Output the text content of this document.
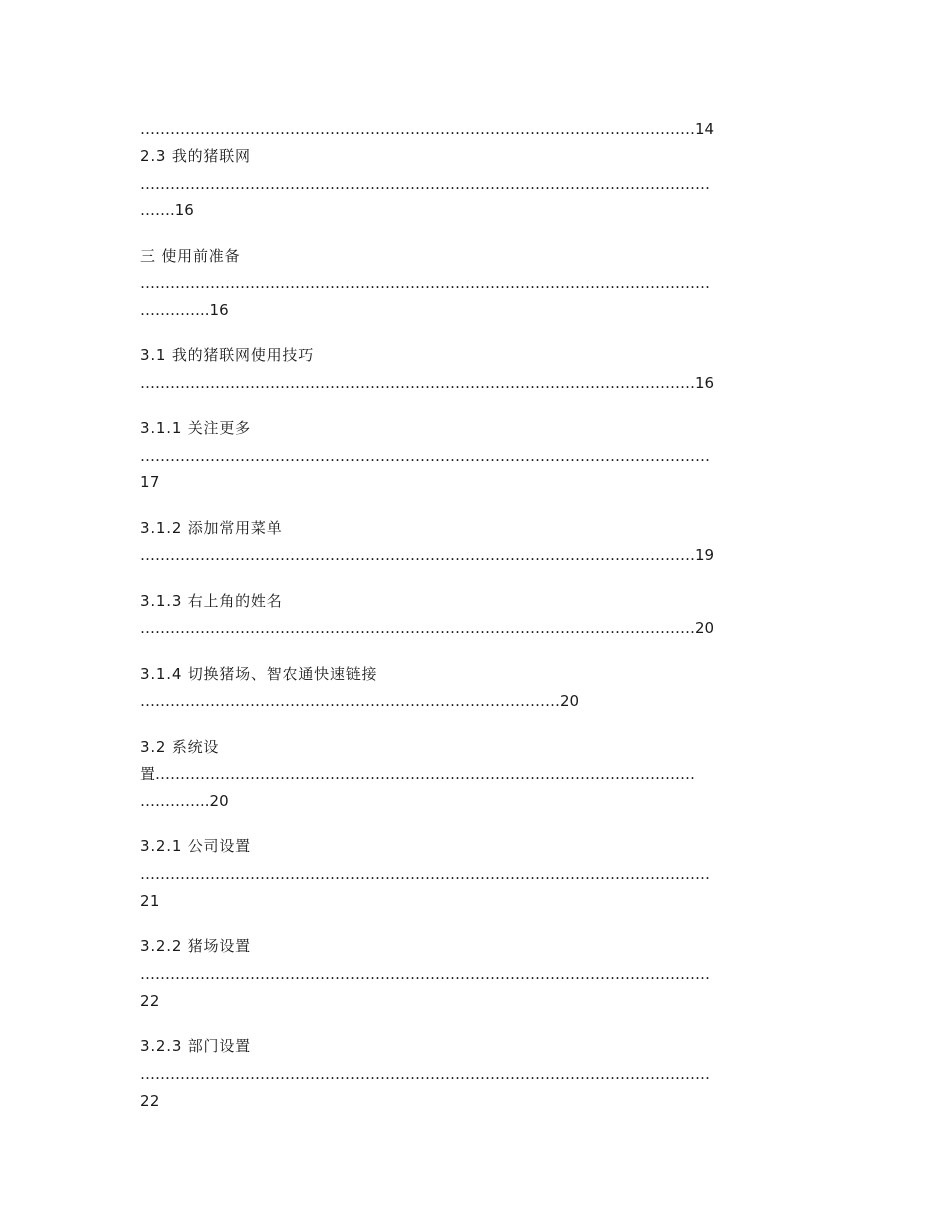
…………………………………………………………………………………………………14
2.3 我的猪联网
……………………………………………………………………………………………………
…….16
三 使用前准备
……………………………………………………………………………………………………
…………..16
3.1 我的猪联网使用技巧
…………………………………………………………………………………………………16
3.1.1 关注更多
……………………………………………………………………………………………………
17
3.1.2 添加常用菜单
…………………………………………………………………………………………………19
3.1.3 右上角的姓名
…………………………………………………………………………………………………20
3.1.4 切换猪场、智农通快速链接
…………………………………………………………………………20
3.2 系统设
置………………………………………………………………………………………………
…………..20
3.2.1 公司设置
……………………………………………………………………………………………………
21
3.2.2 猪场设置
……………………………………………………………………………………………………
22
3.2.3 部门设置
……………………………………………………………………………………………………
22
